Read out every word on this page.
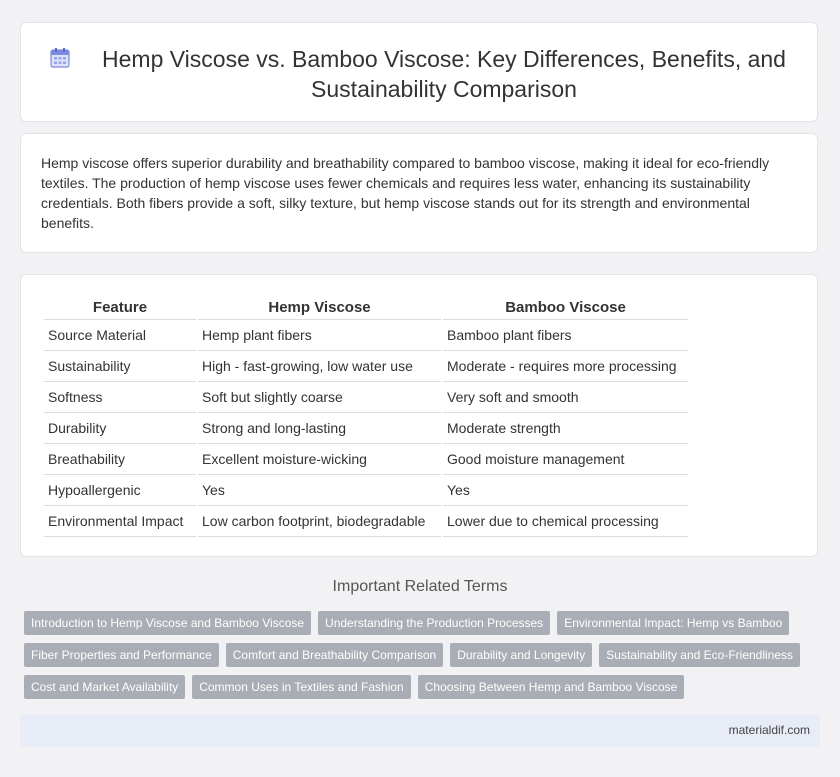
Hemp Viscose vs. Bamboo Viscose: Key Differences, Benefits, and Sustainability Comparison

Hemp viscose offers superior durability and breathability compared to bamboo viscose, making it ideal for eco-friendly textiles. The production of hemp viscose uses fewer chemicals and requires less water, enhancing its sustainability credentials. Both fibers provide a soft, silky texture, but hemp viscose stands out for its strength and environmental benefits.

Feature	Hemp Viscose	Bamboo Viscose
Source Material	Hemp plant fibers	Bamboo plant fibers
Sustainability	High - fast-growing, low water use	Moderate - requires more processing
Softness	Soft but slightly coarse	Very soft and smooth
Durability	Strong and long-lasting	Moderate strength
Breathability	Excellent moisture-wicking	Good moisture management
Hypoallergenic	Yes	Yes
Environmental Impact	Low carbon footprint, biodegradable	Lower due to chemical processing
Important Related Terms
Introduction to Hemp Viscose and Bamboo Viscose	Understanding the Production Processes	Environmental Impact: Hemp vs Bamboo
Fiber Properties and Performance	Comfort and Breathability Comparison	Durability and Longevity	Sustainability and Eco-Friendliness
Cost and Market Availability	Common Uses in Textiles and Fashion	Choosing Between Hemp and Bamboo Viscose
materialdif.com
